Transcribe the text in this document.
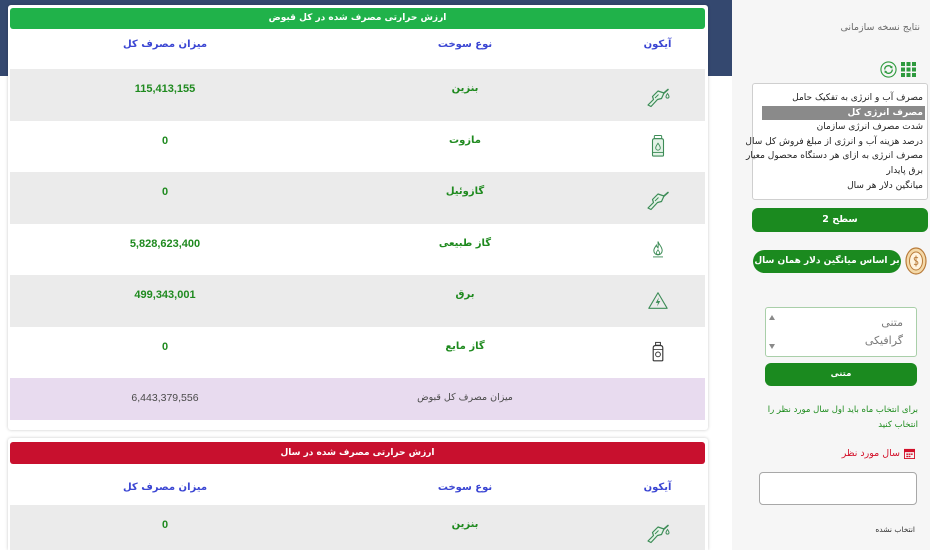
ارزش حرارتی مصرف شده در کل قبوض
میزان مصرف کل	نوع سوخت	آیکون
115,413,155	بنزین
0	مازوت
0	گازوئیل
5,828,623,400	گاز طبیعی
499,343,001	برق
0	گاز مایع
6,443,379,556	میزان مصرف کل قبوض
ارزش حرارتی مصرف شده در سال
میزان مصرف کل	نوع سوخت	آیکون
0	بنزین
نتایج نسخه سازمانی
مصرف آب و انرژی به تفکیک حامل
مصرف انرژی کل
شدت مصرف انرژی سازمان
درصد هزینه آب و انرژی از مبلغ فروش کل سال
مصرف انرژی به ازای هر دستگاه محصول معیار
برق پایدار
میانگین دلار هر سال
سطح 2
بر اساس میانگین دلار همان سال
متنی
گرافیکی
متنی
برای انتخاب ماه باید اول سال مورد نظر را انتخاب کنید
سال مورد نظر
انتخاب نشده
